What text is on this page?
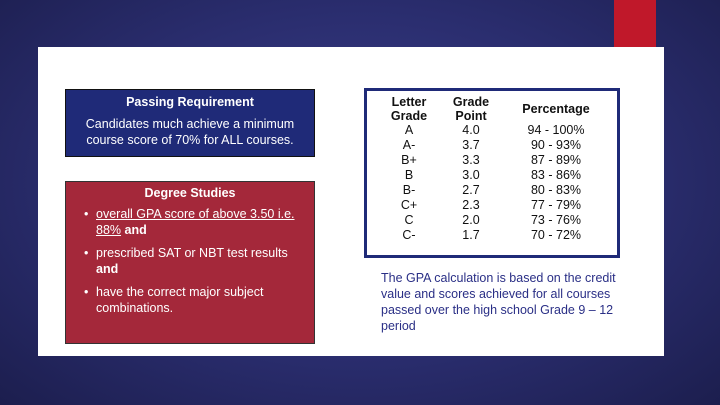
Passing Requirement
Candidates much achieve a minimum course score of 70% for ALL courses.
Degree Studies
• overall GPA score of above 3.50 i.e. 88% and
• prescribed SAT or NBT test results and
• have the correct major subject combinations.
Letter Grade	Grade Point	Percentage
A	4.0	94 - 100%
A-	3.7	90 - 93%
B+	3.3	87 - 89%
B	3.0	83 - 86%
B-	2.7	80 - 83%
C+	2.3	77 - 79%
C	2.0	73 - 76%
C-	1.7	70 - 72%
The GPA calculation is based on the credit value and scores achieved for all courses passed over the high school Grade 9 – 12 period
